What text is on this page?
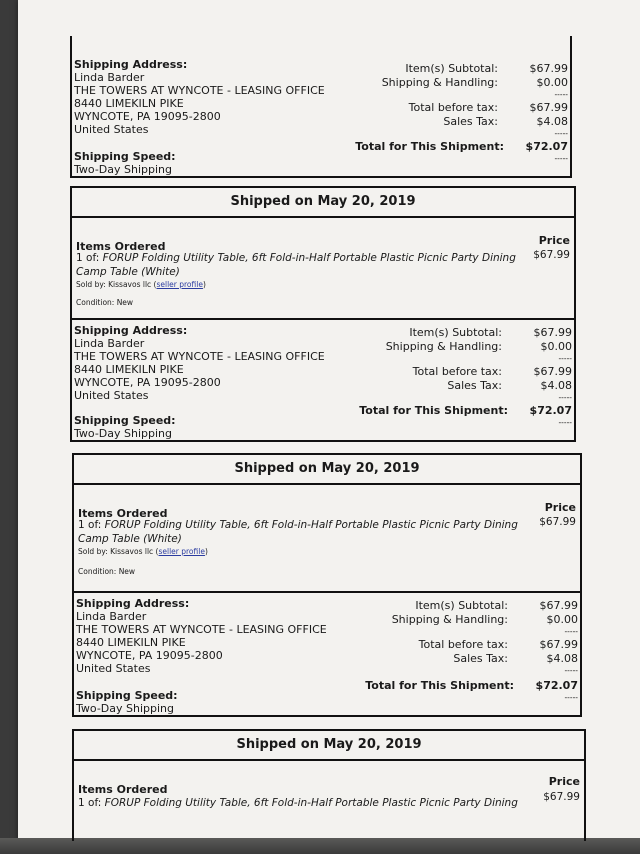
Shipping Address:
Linda Barder
THE TOWERS AT WYNCOTE - LEASING OFFICE
8440 LIMEKILN PIKE
WYNCOTE, PA 19095-2800
United States
Shipping Speed:
Two-Day Shipping
Item(s) Subtotal:	$67.99
Shipping & Handling:	$0.00
-----
Total before tax:	$67.99
Sales Tax:	$4.08
-----
Total for This Shipment: $72.07
-----
Shipped on May 20, 2019
Items Ordered	Price
1 of: FORUP Folding Utility Table, 6ft Fold-in-Half Portable Plastic Picnic Party Dining
Camp Table (White)
Sold by: Kissavos llc (seller profile)
Condition: New
$67.99
Shipping Address:
Linda Barder
THE TOWERS AT WYNCOTE - LEASING OFFICE
8440 LIMEKILN PIKE
WYNCOTE, PA 19095-2800
United States
Shipping Speed:
Two-Day Shipping
Item(s) Subtotal:	$67.99
Shipping & Handling:	$0.00
-----
Total before tax:	$67.99
Sales Tax:	$4.08
-----
Total for This Shipment: $72.07
-----
Shipped on May 20, 2019
Items Ordered	Price
1 of: FORUP Folding Utility Table, 6ft Fold-in-Half Portable Plastic Picnic Party Dining
Camp Table (White)
Sold by: Kissavos llc (seller profile)
Condition: New
$67.99
Shipping Address:
Linda Barder
THE TOWERS AT WYNCOTE - LEASING OFFICE
8440 LIMEKILN PIKE
WYNCOTE, PA 19095-2800
United States
Shipping Speed:
Two-Day Shipping
Item(s) Subtotal:	$67.99
Shipping & Handling:	$0.00
-----
Total before tax:	$67.99
Sales Tax:	$4.08
-----
Total for This Shipment: $72.07
-----
Shipped on May 20, 2019
Items Ordered
Price
1 of: FORUP Folding Utility Table, 6ft Fold-in-Half Portable Plastic Picnic Party Dining $67.99
